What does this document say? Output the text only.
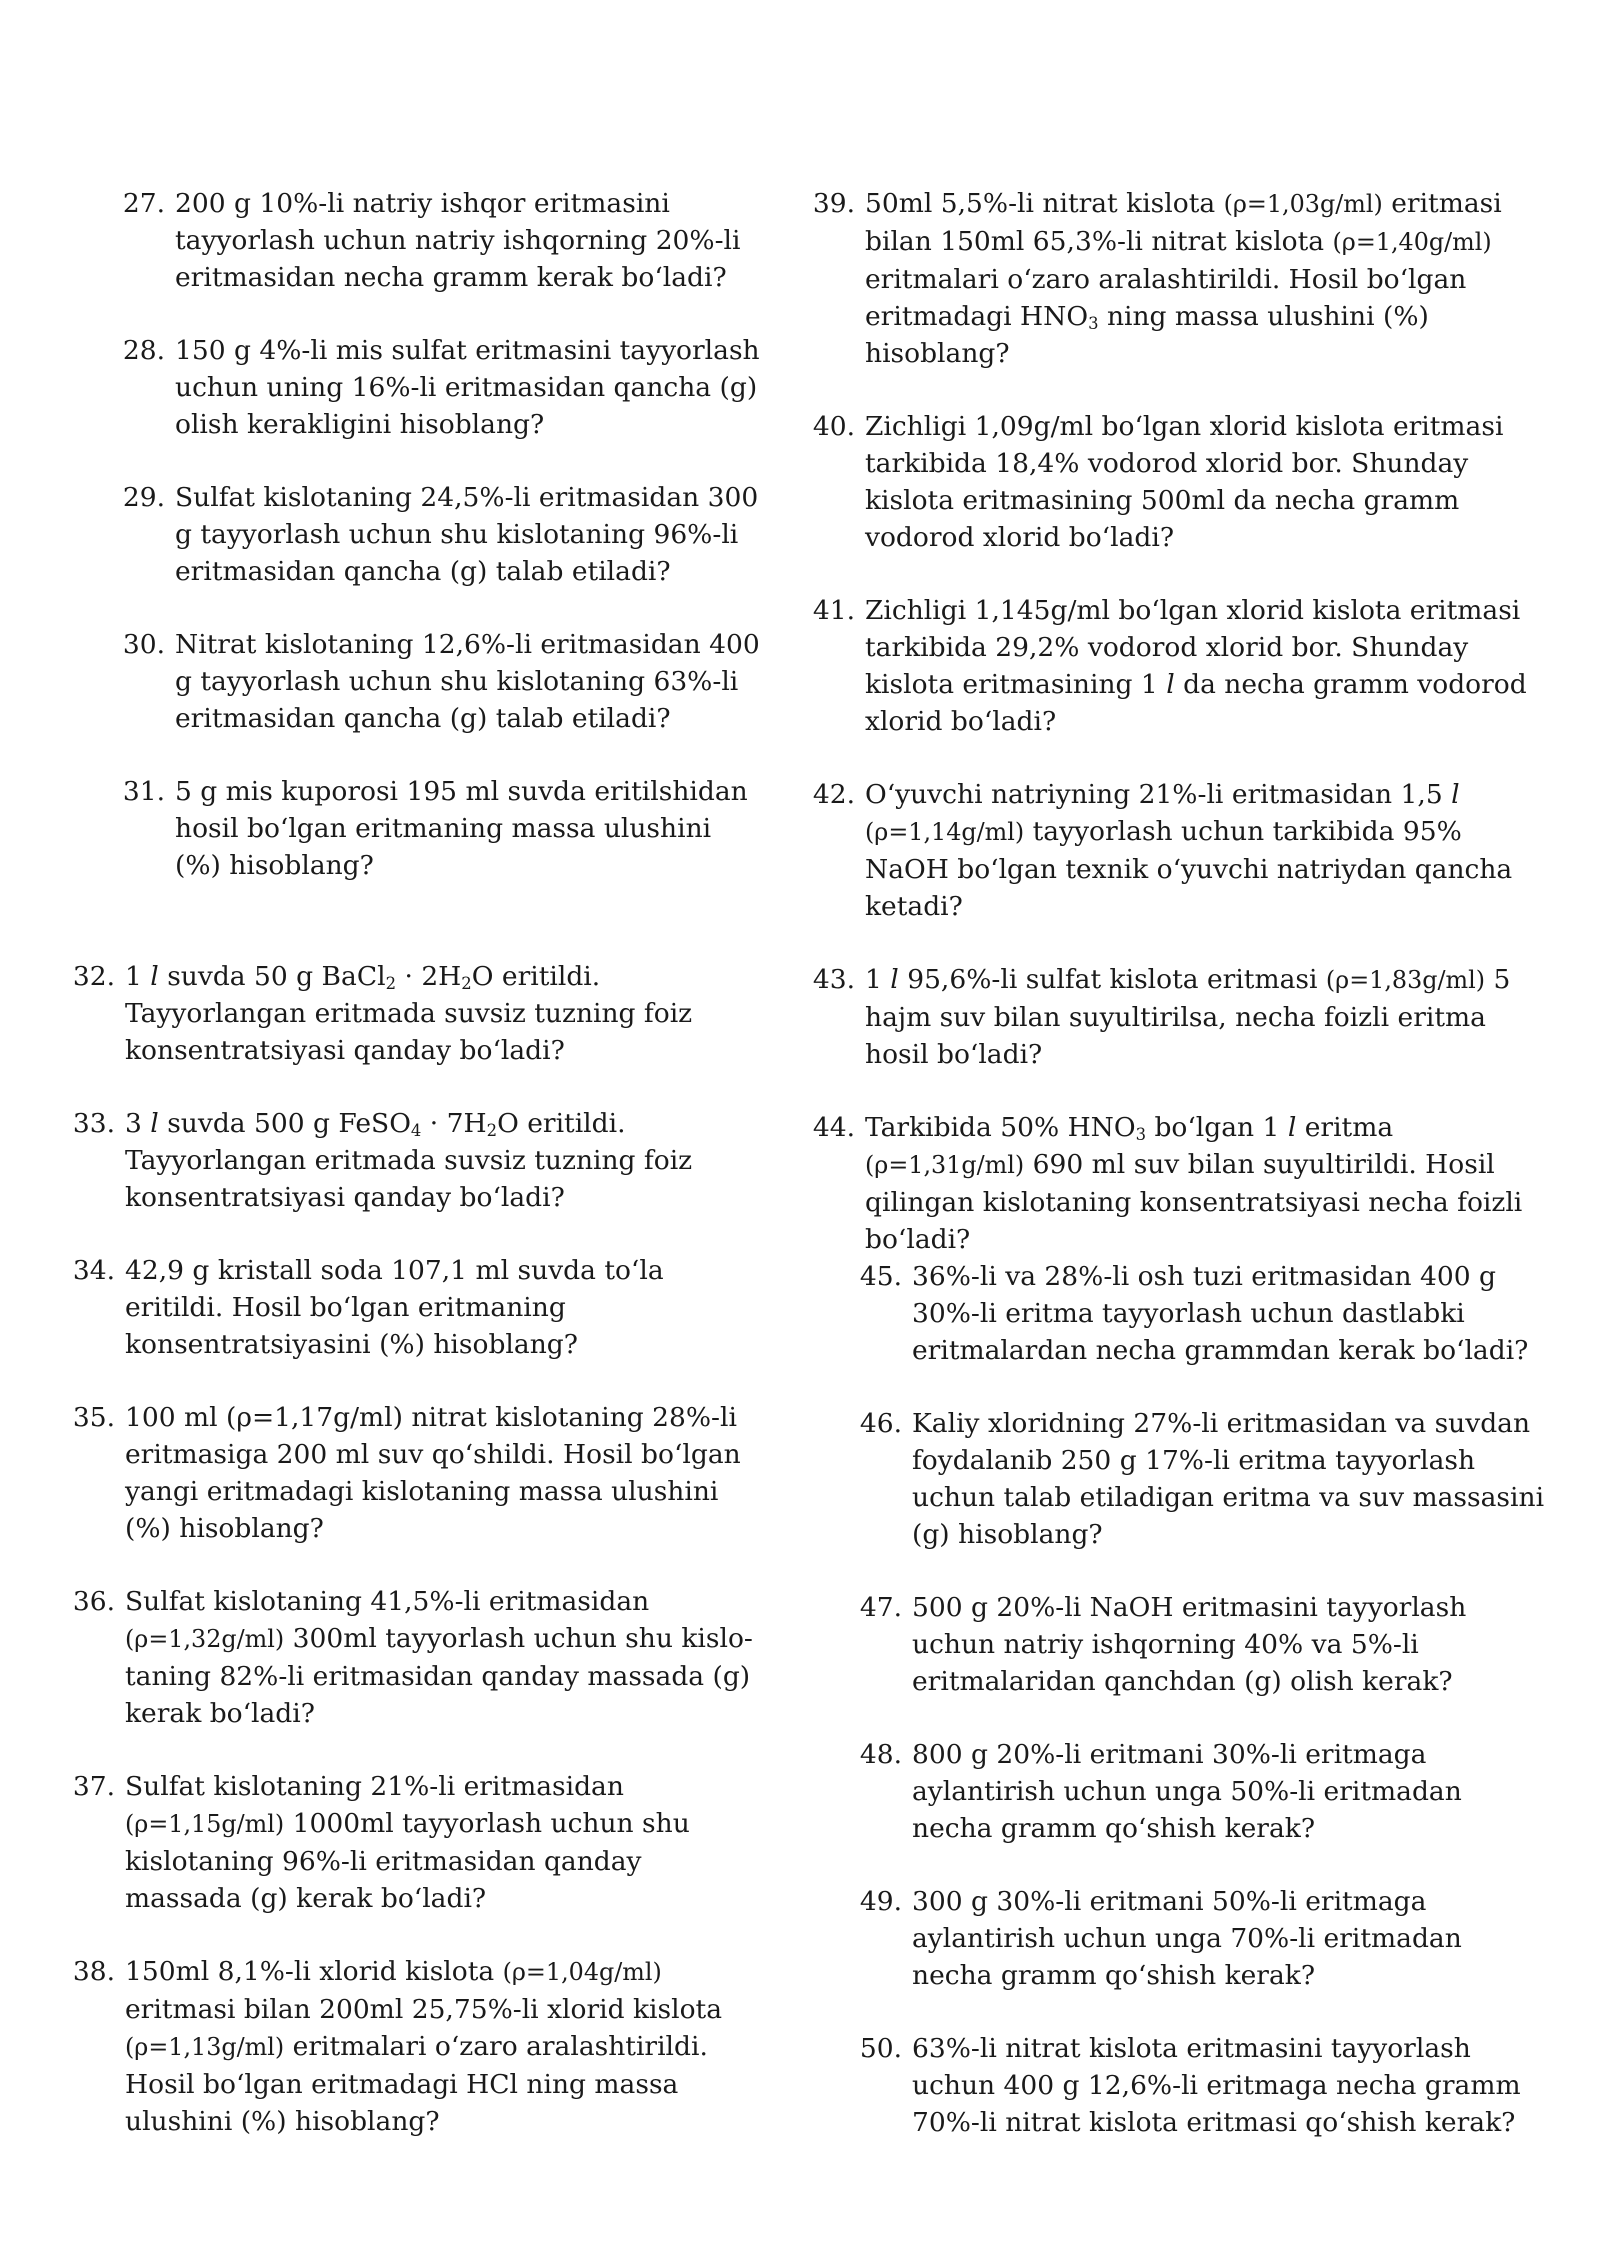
27. 200 g 10%-li natriy ishqor eritmasini tayyorlash uchun natriy ishqorning 20%-li eritmasidan necha gramm kerak bo‘ladi?
28. 150 g 4%-li mis sulfat eritmasini tayyorlash uchun uning 16%-li eritmasidan qancha (g) olish kerakligini hisoblang?
29. Sulfat kislotaning 24,5%-li eritmasidan 300 g tayyorlash uchun shu kislotaning 96%-li eritmasidan qancha (g) talab etiladi?
30. Nitrat kislotaning 12,6%-li eritmasidan 400 g tayyorlash uchun shu kislotaning 63%-li eritmasidan qancha (g) talab etiladi?
31. 5 g mis kuporosi 195 ml suvda eritilshidan hosil bo‘lgan eritmaning massa ulushini (%) hisoblang?
32. 1 l suvda 50 g BaCl$_2$ · $2H_2O$ eritildi. Tayyorlangan eritmada suvsiz tuzning foiz konsentratsiyasi qanday bo‘ladi?
33. 3 l suvda 500 g FeSO$_4$ · $7H_2O$ eritildi. Tayyorlangan eritmada suvsiz tuzning foiz konsentratsiyasi qanday bo‘ladi?
34. 42,9 g kristall soda 107,1 ml suvda to‘la eritildi. Hosil bo‘lgan eritmaning konsentratsiyasini (%) hisoblang?
35. 100 ml (ρ=1,17g/ml) nitrat kislotaning 28%-li eritmasiga 200 ml suv qo‘shildi. Hosil bo‘lgan yangi eritmadagi kislotaning massa ulushini (%) hisoblang?
36. Sulfat kislotaning 41,5%-li eritmasidan (ρ=1,32g/ml) 300ml tayyorlash uchun shu kislo-taning 82%-li eritmasidan qanday massada (g) kerak bo‘ladi?
37. Sulfat kislotaning 21%-li eritmasidan (ρ=1,15g/ml) 1000ml tayyorlash uchun shu kislotaning 96%-li eritmasidan qanday massada (g) kerak bo‘ladi?
38. 150ml 8,1%-li xlorid kislota (ρ=1,04g/ml) eritmasi bilan 200ml 25,75%-li xlorid kislota (ρ=1,13g/ml) eritmalari o‘zaro aralashtirildi. Hosil bo‘lgan eritmadagi HCl ning massa ulushini (%) hisoblang?
39. 50ml 5,5%-li nitrat kislota (ρ=1,03g/ml) eritmasi bilan 150ml 65,3%-li nitrat kislota (ρ=1,40g/ml) eritmalari o‘zaro aralashtirildi. Hosil bo‘lgan eritmadagi $HNO_3$ ning massa ulushini (%) hisoblang?
40. Zichligi 1,09g/ml bo‘lgan xlorid kislota eritmasi tarkibida 18,4% vodorod xlorid bor. Shunday kislota eritmasining 500ml da necha gramm vodorod xlorid bo‘ladi?
41. Zichligi 1,145g/ml bo‘lgan xlorid kislota eritmasi tarkibida 29,2% vodorod xlorid bor. Shunday kislota eritmasining 1 l da necha gramm vodorod xlorid bo‘ladi?
42. O‘yuvchi natriyning 21%-li eritmasidan 1,5 l (ρ=1,14g/ml) tayyorlash uchun tarkibida 95% NaOH bo‘lgan texnik o‘yuvchi natriydan qancha ketadi?
43. 1 l 95,6%-li sulfat kislota eritmasi (ρ=1,83g/ml) 5 hajm suv bilan suyultirilsa, necha foizli eritma hosil bo‘ladi?
44. Tarkibida 50% $HNO_3$ bo‘lgan 1 l eritma (ρ=1,31g/ml) 690 ml suv bilan suyultirildi. Hosil qilingan kislotaning konsentratsiyasi necha foizli bo‘ladi?
45. 36%-li va 28%-li osh tuzi eritmasidan 400 g 30%-li eritma tayyorlash uchun dastlabki eritmalardan necha grammdan kerak bo‘ladi?
46. Kaliy xloridning 27%-li eritmasidan va suvdan foydalanib 250 g 17%-li eritma tayyorlash uchun talab etiladigan eritma va suv massasini (g) hisoblang?
47. 500 g 20%-li NaOH eritmasini tayyorlash uchun natriy ishqorning 40% va 5%-li eritmalaridan qanchdan (g) olish kerak?
48. 800 g 20%-li eritmani 30%-li eritmaga aylantirish uchun unga 50%-li eritmadan necha gramm qo‘shish kerak?
49. 300 g 30%-li eritmani 50%-li eritmaga aylantirish uchun unga 70%-li eritmadan necha gramm qo‘shish kerak?
50. 63%-li nitrat kislota eritmasini tayyorlash uchun 400 g 12,6%-li eritmaga necha gramm 70%-li nitrat kislota eritmasi qo‘shish kerak?
